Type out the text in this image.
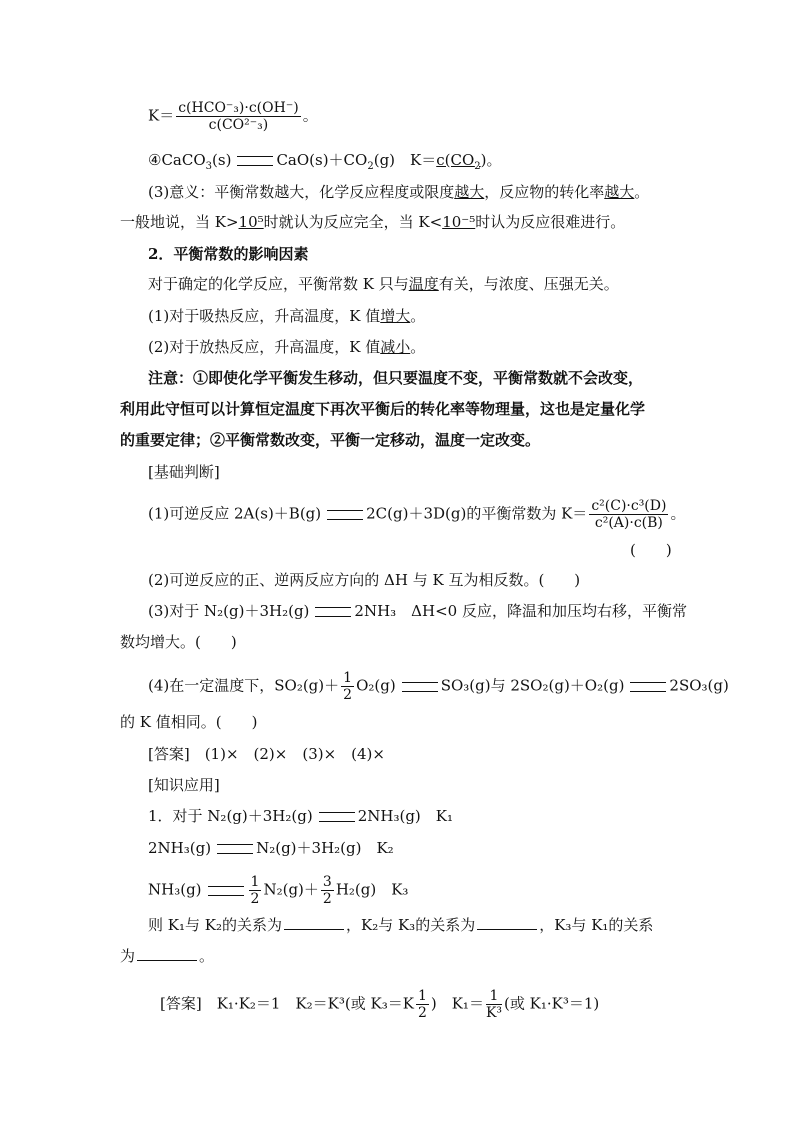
$K= \frac{\text{c(HCO⁻₃)·c(OH⁻)}}{\text{c(CO²⁻₃)}}$ 。
④CaCO$_3$(s)	$CaO(s)+CO_2(g)$　$K=c(CO_2)$。
(3)意义：平衡常数越大，化学反应程度或限度越大，反应物的转化率越大。
一般地说，当 K>10⁵时就认为反应完全，当 K<10⁻⁵时认为反应很难进行。
2．平衡常数的影响因素
对于确定的化学反应，平衡常数 K 只与温度有关，与浓度、压强无关。
(1)对于吸热反应，升高温度，K 值增大。
(2)对于放热反应，升高温度，K 值减小。
注意：①即使化学平衡发生移动，但只要温度不变，平衡常数就不会改变，
利用此守恒可以计算恒定温度下再次平衡后的转化率等物理量，这也是定量化学
的重要定律；②平衡常数改变，平衡一定移动，温度一定改变。
[基础判断]
(1)可逆反应 2A(s)＋B(g)	2C(g)＋3D(g)的平衡常数为 $K= \frac{\text{c²(C)·c³(D)}}{\text{c²(A)·c(B)}}$ 。
(　　)
(2)可逆反应的正、逆两反应方向的 ΔH 与 K 互为相反数。(　　)
(3)对于 N₂(g)＋3H₂(g)	2NH₃　ΔH<0 反应，降温和加压均右移，平衡常
数均增大。(　　)
(4)在一定温度下，$SO_2(g)+ \frac{1}{2} O_2(g)$	SO₃(g)与 2SO₂(g)＋O₂(g)	2SO₃(g)
的 K 值相同。(　　)
[答案]　(1)×　(2)×　(3)×　(4)×
[知识应用]
1．对于 N₂(g)＋3H₂(g)	2NH₃(g)　K₁
2NH₃(g)	N₂(g)＋3H₂(g)　K₂
NH₃(g)	$\frac{1}{2} N_2(g)+ \frac{3}{2} H_2(g)$　K₃
则 K₁与 K₂的关系为	，K₂与 K₃的关系为	，K₃与 K₁的关系
为	。
[答案]　K₁·K₂＝1　K₂＝K³(或 $K_3=K \frac{1}{2}$ )　$K_1= \frac{1}{\text{K³}}$ (或 K₁·K³＝1)
